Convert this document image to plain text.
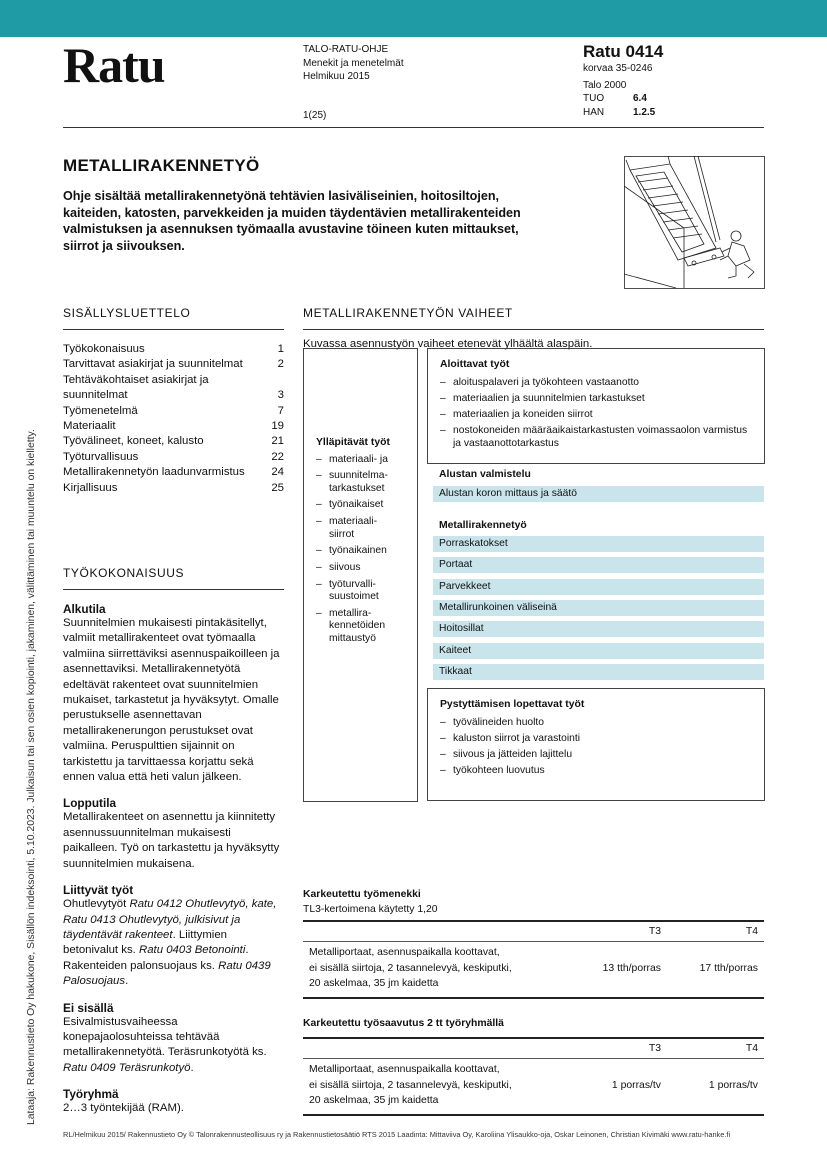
Ratu	TALO-RATU-OHJE
Menekit ja menetelmät
Helmikuu 2015
1(25)
Ratu 0414
korvaa 35-0246
Talo 2000
TUO	6.4
HAN	1.2.5
METALLIRAKENNETYÖ
Ohje sisältää metallirakennetyönä tehtävien lasiväliseinien, hoitosiltojen, kaiteiden, katosten, parvekkeiden ja muiden täydentävien metallirakenteiden valmistuksen ja asennuksen työmaalla avustavine töineen kuten mittaukset, siirrot ja siivouksen.
Lataaja: Rakennustieto Oy hakukone, Sisällön indeksointi, 5.10.2023. Julkaisun tai sen osien kopiointi, jakaminen, välittäminen tai muuntelu on kielletty.
SISÄLLYSLUETTELO
Työkokonaisuus	1
Tarvittavat asiakirjat ja suunnitelmat	2
Tehtäväkohtaiset asiakirjat ja
suunnitelmat	3
Työmenetelmä	7
Materiaalit	19
Työvälineet, koneet, kalusto	21
Työturvallisuus	22
Metallirakennetyön laadunvarmistus 24
Kirjallisuus	25
TYÖKOKONAISUUS
Alkutila
Suunnitelmien mukaisesti pintakäsitellyt, valmiit metallirakenteet ovat työmaalla valmiina siirrettäviksi asennuspaikoilleen ja asennettaviksi. Metallirakennetyötä edeltävät rakenteet ovat suunnitelmien mukaiset, tarkastetut ja hyväksytyt. Omalle perustukselle asennettavan metallirakenerungon perustukset ovat valmiina. Peruspulttien sijainnit on tarkistettu ja tarvittaessa korjattu sekä ennen valua että heti valun jälkeen.
Lopputila
Metallirakenteet on asennettu ja kiinnitetty asennussuunnitelman mukaisesti paikalleen. Työ on tarkastettu ja hyväksytty suunnitelmien mukaisena.
Liittyvät työt
Ohutlevytyöt Ratu 0412 Ohutlevytyö, kate, Ratu 0413 Ohutlevytyö, julkisivut ja täydentävät rakenteet. Liittymien betonivalut ks. Ratu 0403 Betonointi. Rakenteiden palonsuojaus ks. Ratu 0439 Palosuojaus.
Ei sisällä
Esivalmistusvaiheessa konepajaolosuhteissa tehtävää metallirakennetyötä. Teräsrunkotyötä ks. Ratu 0409 Teräsrunkotyö.
Työryhmä
2…3 työntekijää (RAM).
METALLIRAKENNETYÖN VAIHEET
Kuvassa asennustyön vaiheet etenevät ylhäältä alaspäin.
Ylläpitävät työt
– materiaali- ja
– suunnitelma-
tarkastukset
– työnaikaiset
– materiaali-
siirrot
– työnaikainen
– siivous
– työturvalli-
suustoimet
– metallira-
kennetöiden
mittaustyö
Aloittavat työt
– aloituspalaveri ja työkohteen vastaanotto
– materiaalien ja suunnitelmien tarkastukset
– materiaalien ja koneiden siirrot
– nostokoneiden määräaikaistarkastusten voimassaolon varmistus ja vastaanottotarkastus
Alustan valmistelu
Alustan koron mittaus ja säätö
Metallirakennetyö
Porraskatokset
Portaat
Parvekkeet
Metallirunkoinen väliseinä
Hoitosillat
Kaiteet
Tikkaat
Pystyttämisen lopettavat työt
– työvälineiden huolto
– kaluston siirrot ja varastointi
– siivous ja jätteiden lajittelu
– työkohteen luovutus
Karkeutettu työmenekki
TL3-kertoimena käytetty 1,20
T3	T4
Metalliportaat, asennuspaikalla koottavat,
ei sisällä siirtoja, 2 tasannelevyä, keskiputki,
20 askelmaa, 35 jm kaidetta
13 tth/porras	17 tth/porras
Karkeutettu työsaavutus 2 tt työryhmällä
T3	T4
Metalliportaat, asennuspaikalla koottavat,
ei sisällä siirtoja, 2 tasannelevyä, keskiputki,
20 askelmaa, 35 jm kaidetta
1 porras/tv	1 porras/tv
RL/Helmikuu 2015/ Rakennustieto Oy © Talonrakennusteollisuus ry ja Rakennustietosäätiö RTS 2015 Laadinta: Mittaviiva Oy, Karoliina Ylisaukko-oja, Oskar Leinonen, Christian Kivimäki www.ratu-hanke.fi
